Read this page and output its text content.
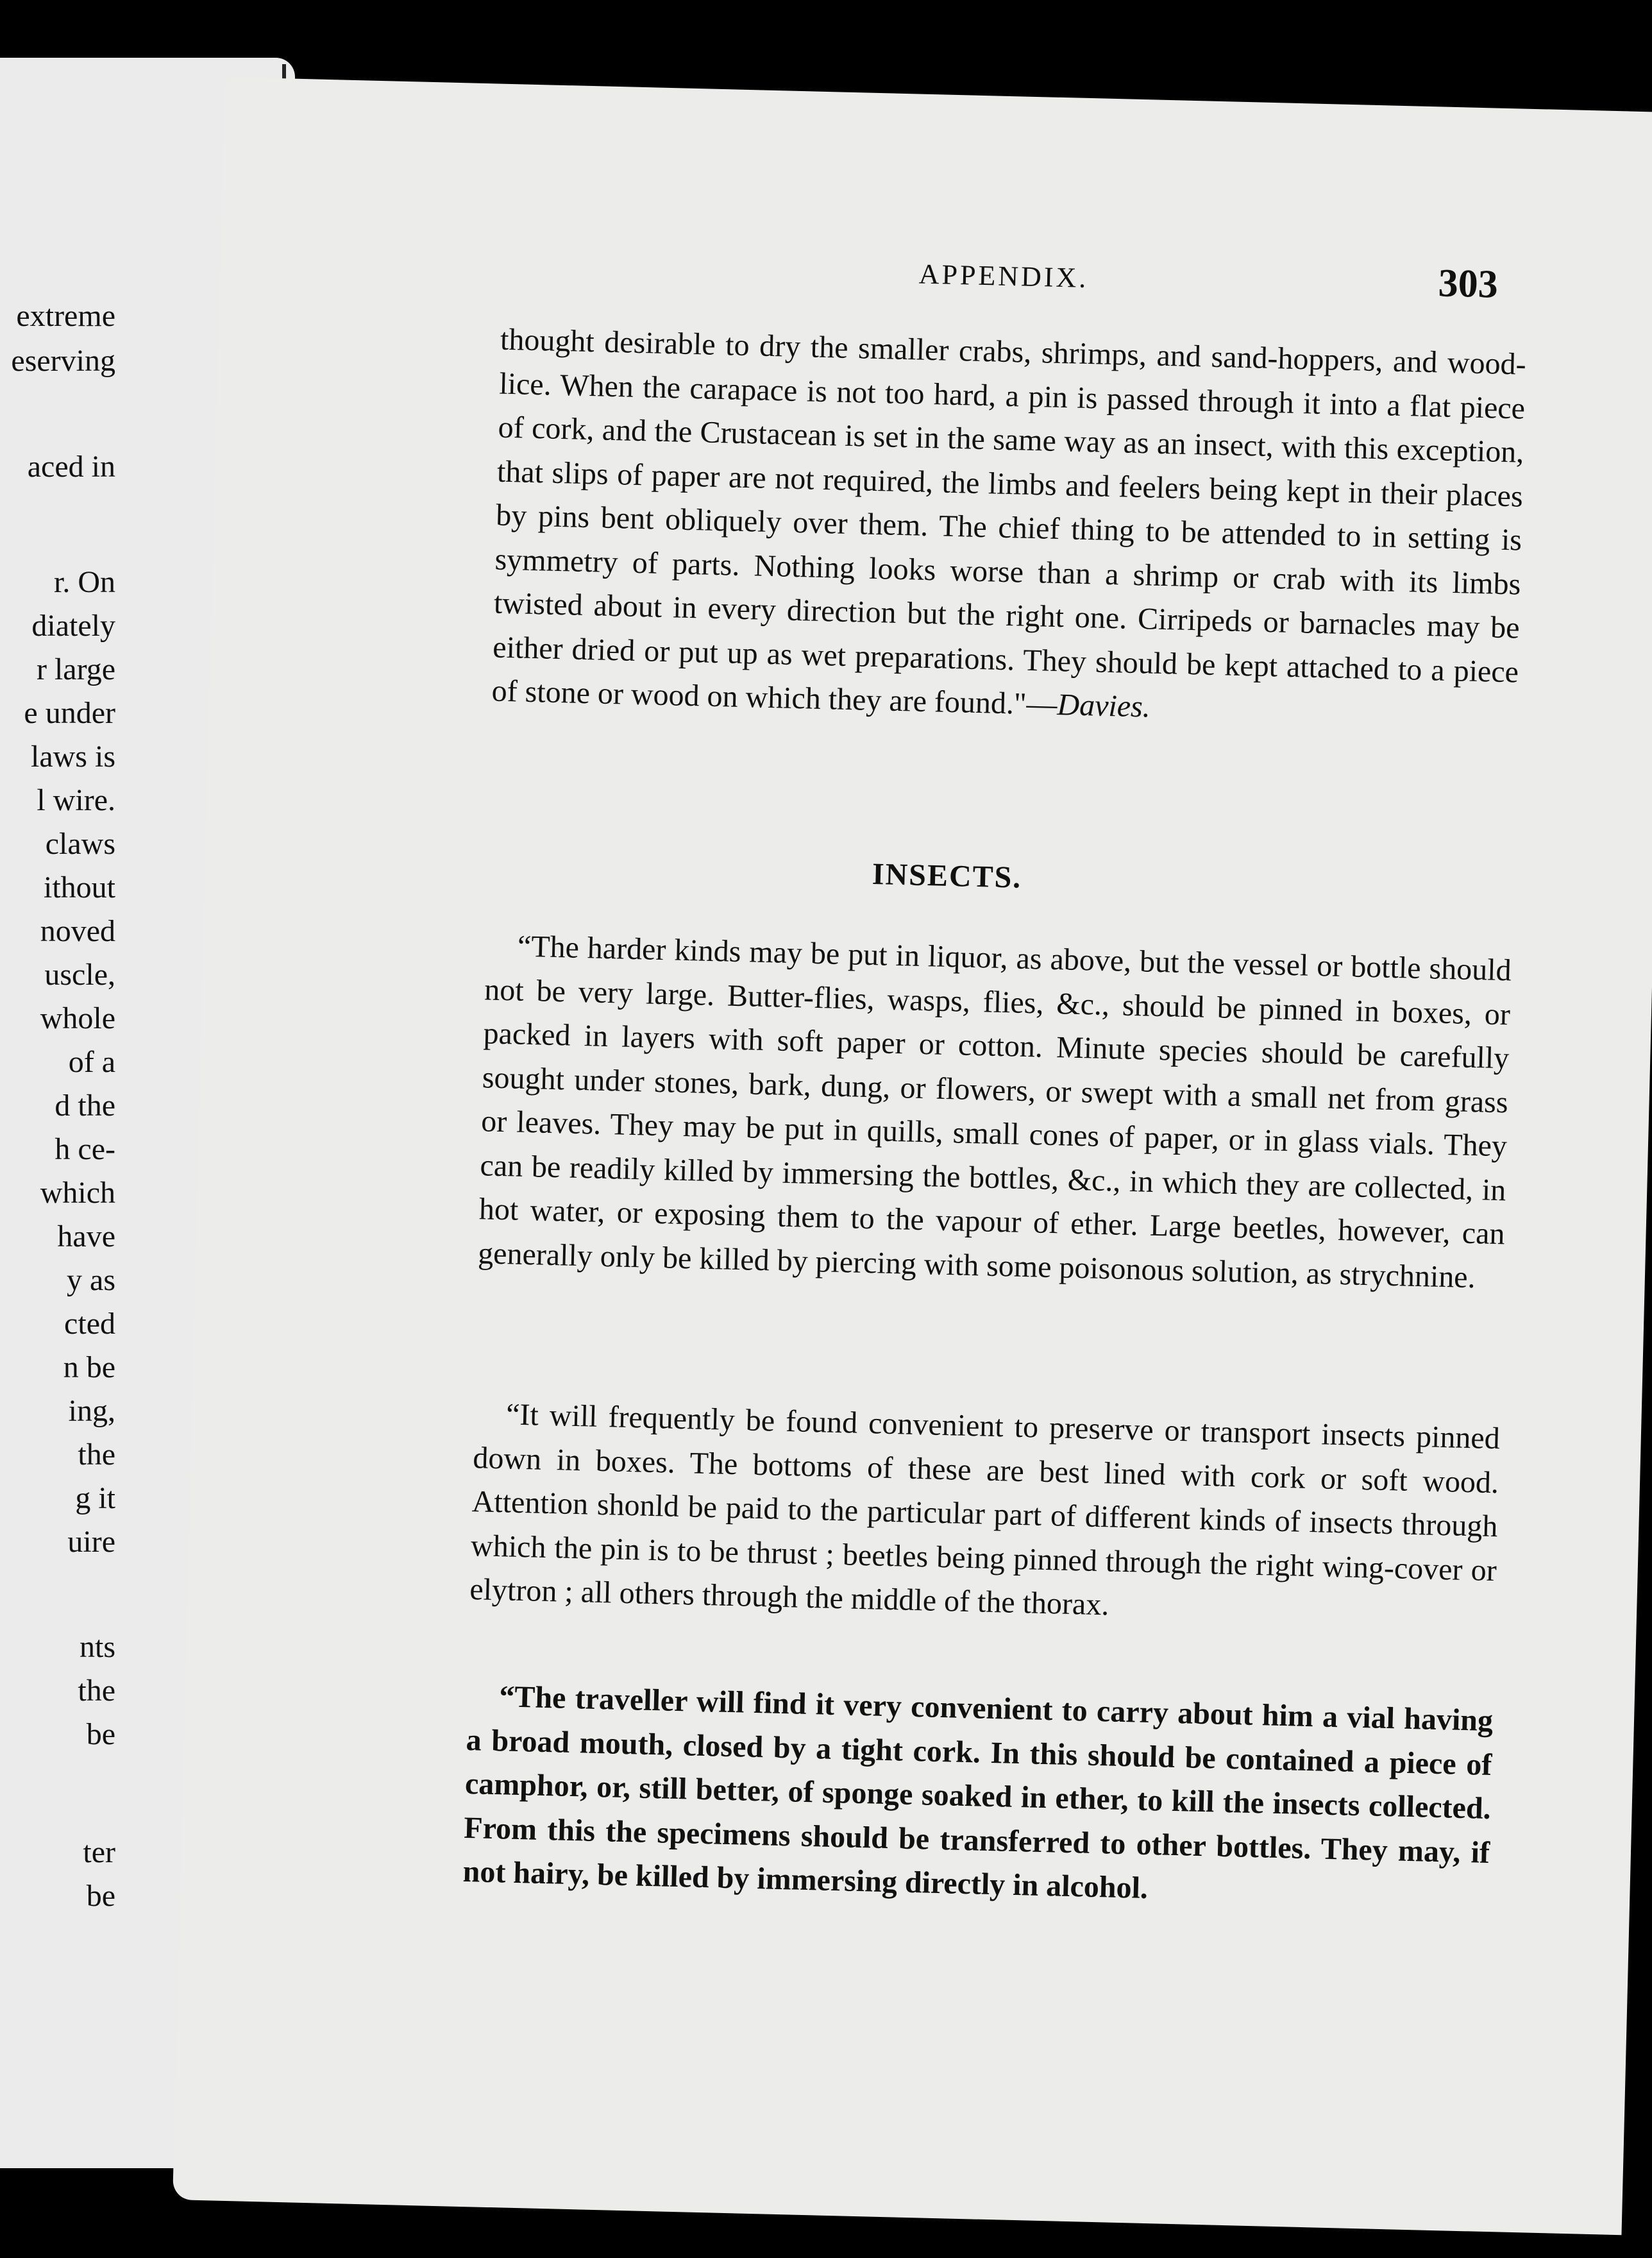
extreme
eserving
aced in
r. On
diately
r large
e under
laws is
l wire.
claws
ithout
noved
uscle,
whole
of a
d the
h ce-
which
have
y as
cted
n be
ing,
the
g it
uire
nts
the
be
ter
be
APPENDIX.	303

thought desirable to dry the smaller crabs, shrimps, and sand-hoppers, and wood-lice. When the carapace is not too hard, a pin is passed through it into a flat piece of cork, and the Crustacean is set in the same way as an insect, with this exception, that slips of paper are not required, the limbs and feelers being kept in their places by pins bent obliquely over them. The chief thing to be attended to in setting is symmetry of parts. Nothing looks worse than a shrimp or crab with its limbs twisted about in every direction but the right one. Cirripeds or barnacles may be either dried or put up as wet preparations. They should be kept attached to a piece of stone or wood on which they are found."—Davies.

INSECTS.

“The harder kinds may be put in liquor, as above, but the vessel or bottle should not be very large. Butter-flies, wasps, flies, &c., should be pinned in boxes, or packed in layers with soft paper or cotton. Minute species should be carefully sought under stones, bark, dung, or flowers, or swept with a small net from grass or leaves. They may be put in quills, small cones of paper, or in glass vials. They can be readily killed by immersing the bottles, &c., in which they are collected, in hot water, or exposing them to the vapour of ether. Large beetles, however, can generally only be killed by piercing with some poisonous solution, as strychnine.

“It will frequently be found convenient to preserve or transport insects pinned down in boxes. The bottoms of these are best lined with cork or soft wood. Attention shonld be paid to the particular part of different kinds of insects through which the pin is to be thrust ; beetles being pinned through the right wing-cover or elytron ; all others through the middle of the thorax.

“The traveller will find it very convenient to carry about him a vial having a broad mouth, closed by a tight cork. In this should be contained a piece of camphor, or, still better, of sponge soaked in ether, to kill the insects collected. From this the specimens should be transferred to other bottles. They may, if not hairy, be killed by immersing directly in alcohol.
